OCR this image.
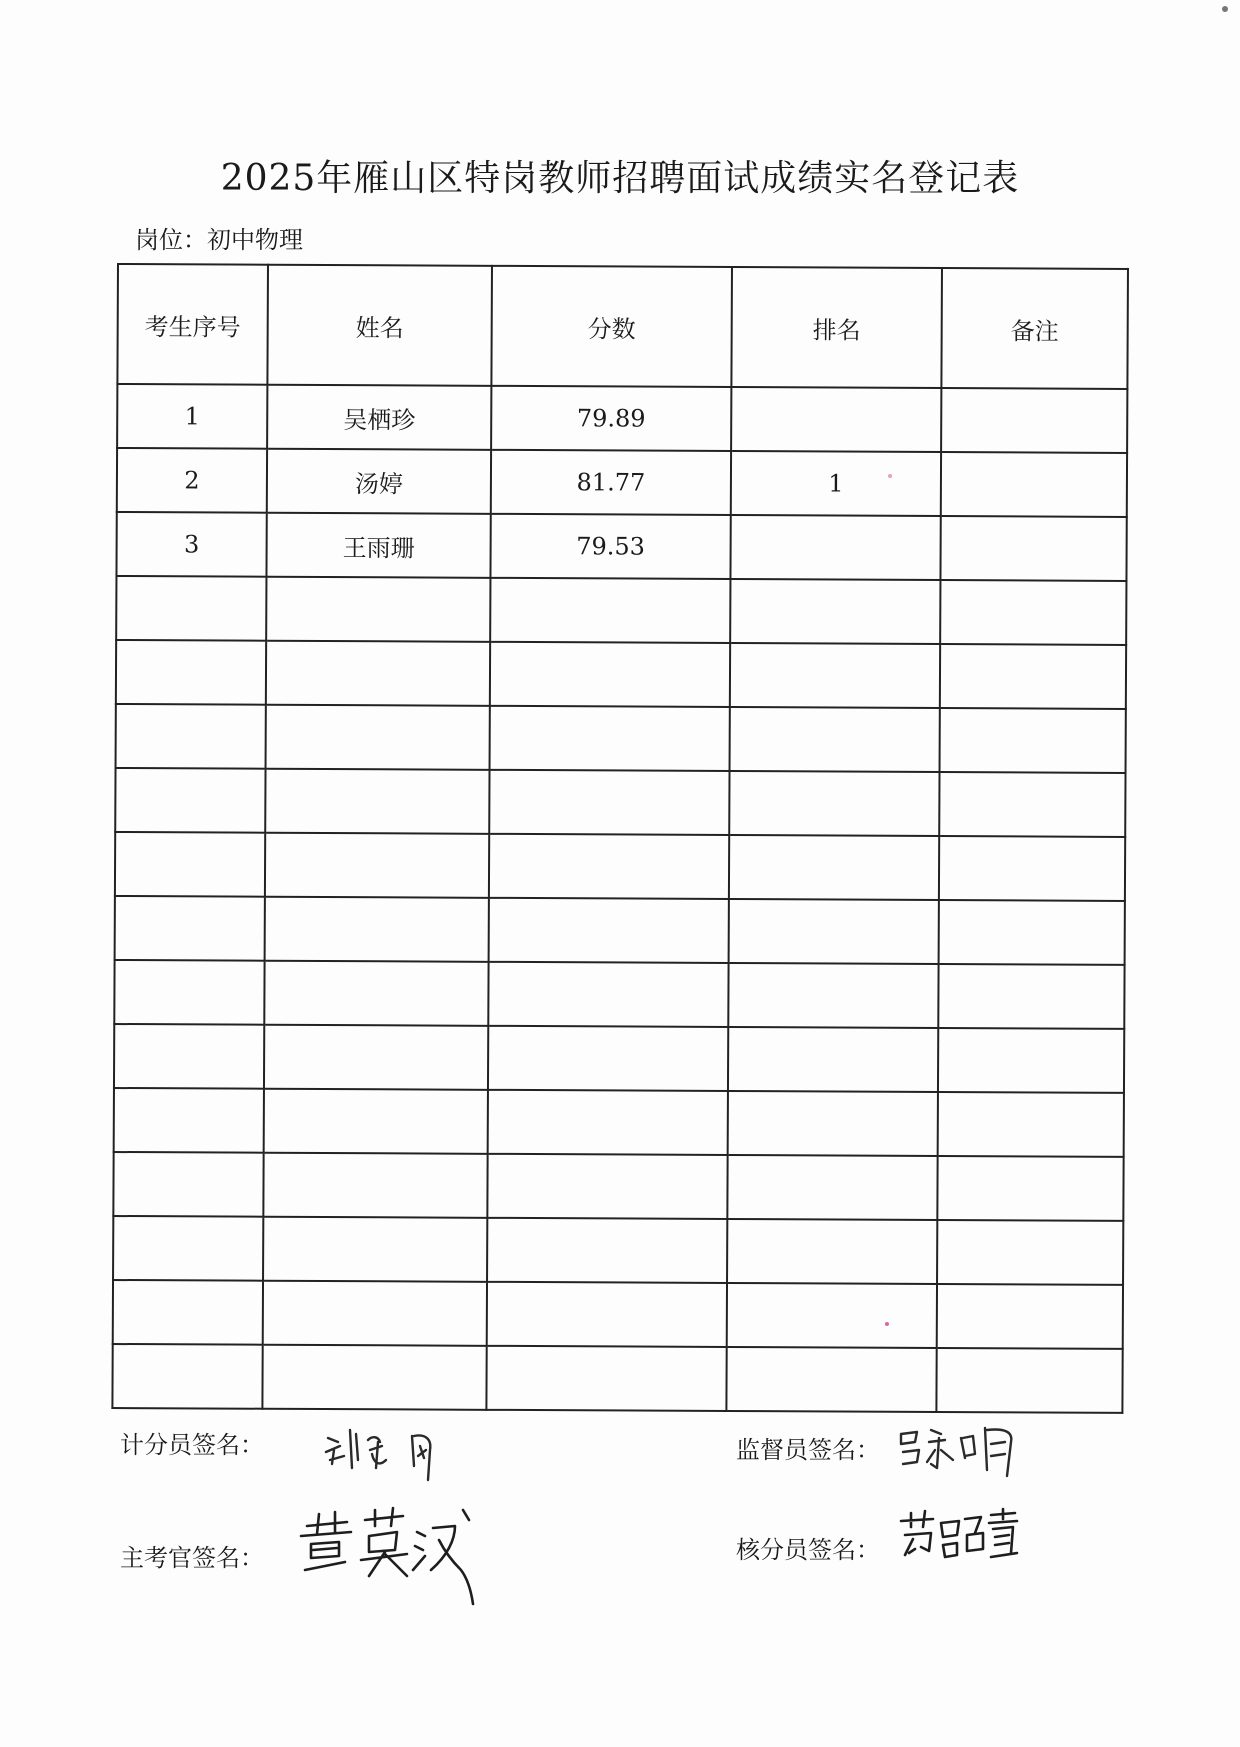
2025年雁山区特岗教师招聘面试成绩实名登记表
岗位：初中物理
考生序号	姓名	分数	排名	备注
1	吴栖珍	79.89		
2	汤婷	81.77	1	
3	王雨珊	79.53		

计分员签名：	监督员签名：
主考官签名：	核分员签名：
